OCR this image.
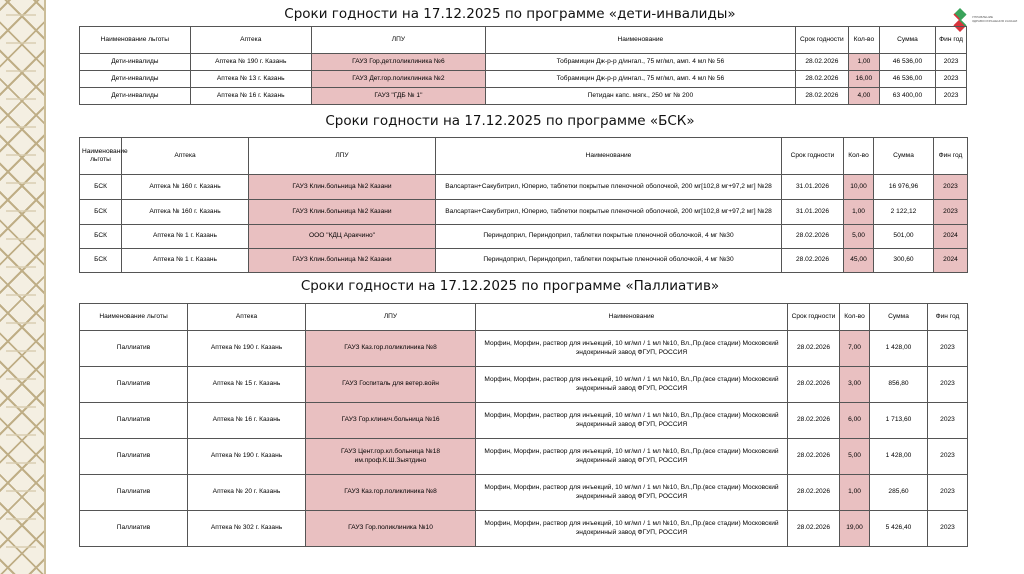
УПРАВЛЕНИЕ ЗДРАВООХРАНЕНИЯ КАЗАНИ
Сроки годности на 17.12.2025 по программе «дети-инвалиды»
Наименование льготы	Аптека	ЛПУ	Наименование	Срок годности	Кол-во	Сумма	Фин год
Дети-инвалиды	Аптека № 190 г. Казань	ГАУЗ Гор.дет.поликлиника №6	Тобрамицин Дж-р-р д/ингал., 75 мг/мл, амп. 4 мл № 56	28.02.2026	1,00	46 536,00	2023
Дети-инвалиды	Аптека № 13 г. Казань	ГАУЗ Дет.гор.поликлиника №2	Тобрамицин Дж-р-р д/ингал., 75 мг/мл, амп. 4 мл № 56	28.02.2026	16,00	46 536,00	2023
Дети-инвалиды	Аптека № 16 г. Казань	ГАУЗ "ГДБ № 1"	Петидан капс. мягк., 250 мг № 200	28.02.2026	4,00	63 400,00	2023
Сроки годности на 17.12.2025 по программе «БСК»
Наименование льготы	Аптека	ЛПУ	Наименование	Срок годности	Кол-во	Сумма	Фин год
БСК	Аптека № 160 г. Казань	ГАУЗ Клин.больница №2 Казани	Валсартан+Сакубитрил, Юперио, таблетки покрытые пленочной оболочкой, 200 мг[102,8 мг+97,2 мг] №28	31.01.2026	10,00	16 976,96	2023
БСК	Аптека № 160 г. Казань	ГАУЗ Клин.больница №2 Казани	Валсартан+Сакубитрил, Юперио, таблетки покрытые пленочной оболочкой, 200 мг[102,8 мг+97,2 мг] №28	31.01.2026	1,00	2 122,12	2023
БСК	Аптека № 1 г. Казань	ООО "КДЦ Аракчино"	Периндоприл, Периндоприл, таблетки покрытые пленочной оболочкой, 4 мг №30	28.02.2026	5,00	501,00	2024
БСК	Аптека № 1 г. Казань	ГАУЗ Клин.больница №2 Казани	Периндоприл, Периндоприл, таблетки покрытые пленочной оболочкой, 4 мг №30	28.02.2026	45,00	300,60	2024
Сроки годности на 17.12.2025 по программе «Паллиатив»
Наименование льготы	Аптека	ЛПУ	Наименование	Срок годности	Кол-во	Сумма	Фин год
Паллиатив	Аптека № 190 г. Казань	ГАУЗ Каз.гор.поликлиника №8	Морфин, Морфин, раствор для инъекций, 10 мг/мл / 1 мл №10, Вл.,Пр.(все стадии) Московский эндокринный завод ФГУП, РОССИЯ	28.02.2026	7,00	1 428,00	2023
Паллиатив	Аптека № 15 г. Казань	ГАУЗ Госпиталь для ветер.войн	Морфин, Морфин, раствор для инъекций, 10 мг/мл / 1 мл №10, Вл.,Пр.(все стадии) Московский эндокринный завод ФГУП, РОССИЯ	28.02.2026	3,00	856,80	2023
Паллиатив	Аптека № 16 г. Казань	ГАУЗ Гор.клинич.больница №16	Морфин, Морфин, раствор для инъекций, 10 мг/мл / 1 мл №10, Вл.,Пр.(все стадии) Московский эндокринный завод ФГУП, РОССИЯ	28.02.2026	6,00	1 713,60	2023
Паллиатив	Аптека № 190 г. Казань	ГАУЗ Цент.гор.кл.больница №18 им.проф.К.Ш.Зыятдино	Морфин, Морфин, раствор для инъекций, 10 мг/мл / 1 мл №10, Вл.,Пр.(все стадии) Московский эндокринный завод ФГУП, РОССИЯ	28.02.2026	5,00	1 428,00	2023
Паллиатив	Аптека № 20 г. Казань	ГАУЗ Каз.гор.поликлиника №8	Морфин, Морфин, раствор для инъекций, 10 мг/мл / 1 мл №10, Вл.,Пр.(все стадии) Московский эндокринный завод ФГУП, РОССИЯ	28.02.2026	1,00	285,60	2023
Паллиатив	Аптека № 302 г. Казань	ГАУЗ Гор.поликлиника №10	Морфин, Морфин, раствор для инъекций, 10 мг/мл / 1 мл №10, Вл.,Пр.(все стадии) Московский эндокринный завод ФГУП, РОССИЯ	28.02.2026	19,00	5 426,40	2023
